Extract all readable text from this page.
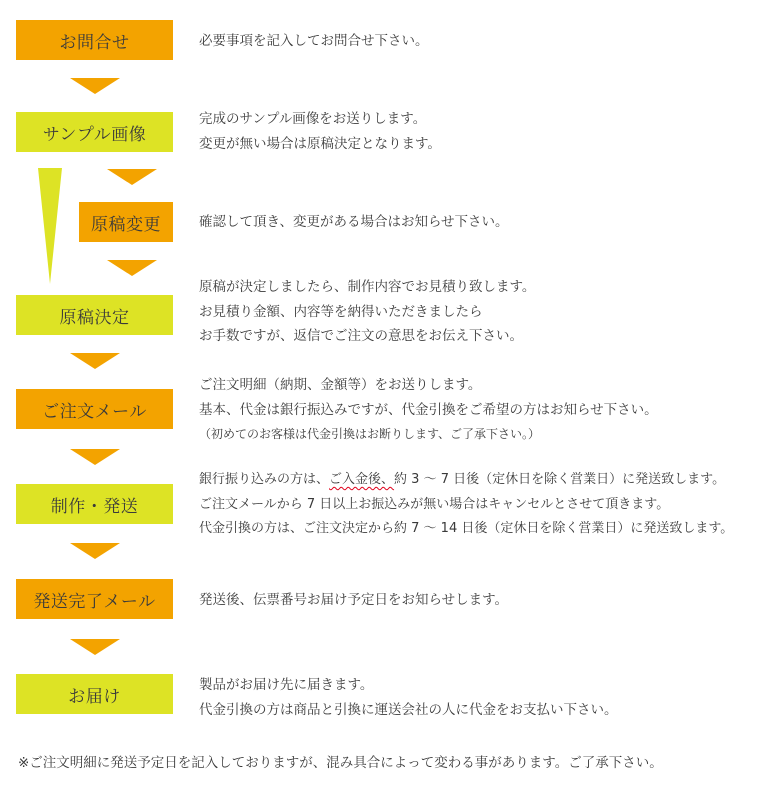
お問合せ
サンプル画像
原稿変更
原稿決定
ご注文メール
制作・発送
発送完了メール
お届け
必要事項を記入してお問合せ下さい。
完成のサンプル画像をお送りします。
変更が無い場合は原稿決定となります。
確認して頂き、変更がある場合はお知らせ下さい。
原稿が決定しましたら、制作内容でお見積り致します。
お見積り金額、内容等を納得いただきましたら
お手数ですが、返信でご注文の意思をお伝え下さい。
ご注文明細（納期、金額等）をお送りします。
基本、代金は銀行振込みですが、代金引換をご希望の方はお知らせ下さい。
（初めてのお客様は代金引換はお断りします、ご了承下さい。）
銀行振り込みの方は、ご入金後、約 3 〜 7 日後（定休日を除く営業日）に発送致します。
ご注文メールから 7 日以上お振込みが無い場合はキャンセルとさせて頂きます。
代金引換の方は、ご注文決定から約 7 〜 14 日後（定休日を除く営業日）に発送致します。
発送後、伝票番号お届け予定日をお知らせします。
製品がお届け先に届きます。
代金引換の方は商品と引換に運送会社の人に代金をお支払い下さい。
※ご注文明細に発送予定日を記入しておりますが、混み具合によって変わる事があります。ご了承下さい。
